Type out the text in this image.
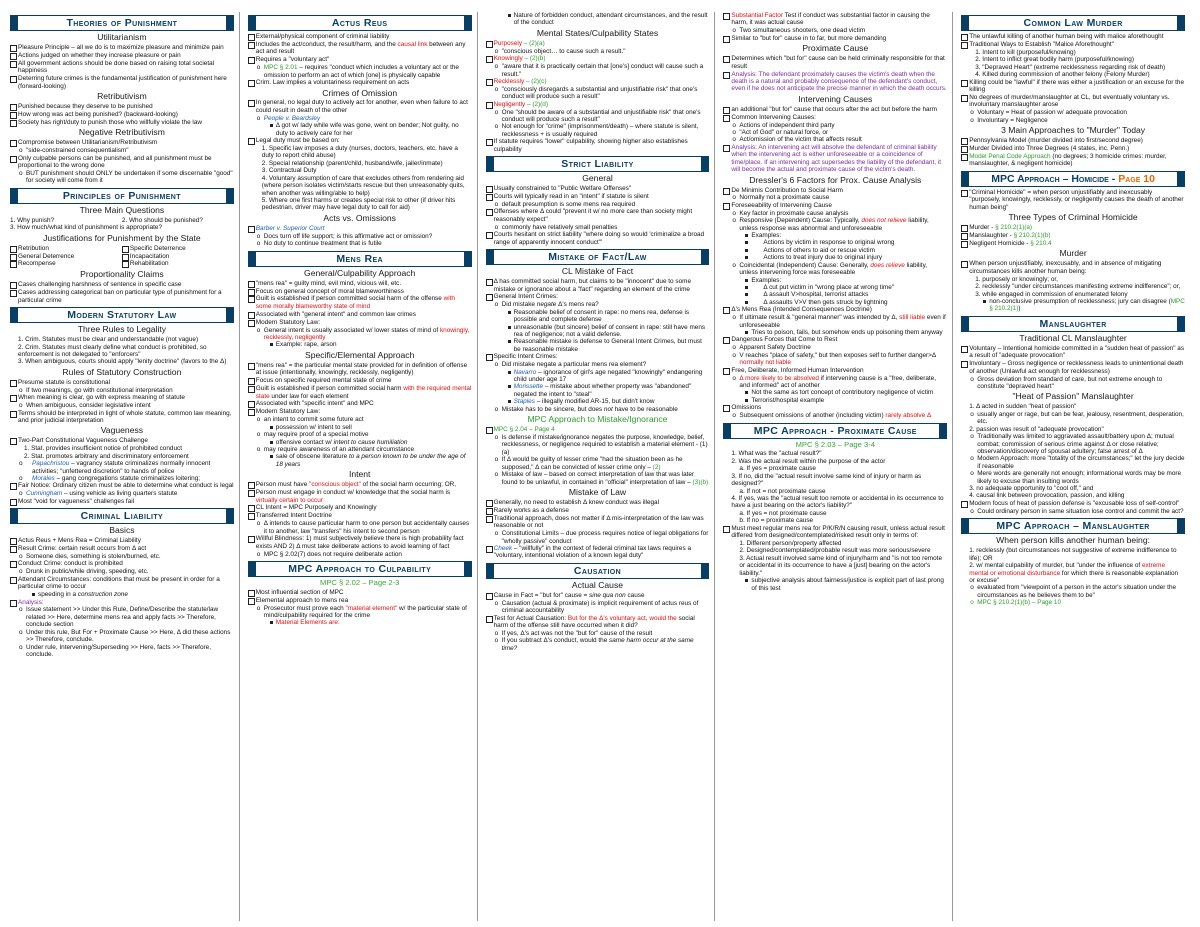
Theories of Punishment
Utilitarianism
Pleasure Principle – all we do is to maximize pleasure and minimize pain
Actions judged on whether they increase pleasure or pain
All government actions should be done based on raising total societal happiness
Deterring future crimes is the fundamental justification of punishment here (forward-looking)
Retributivism
Punished because they deserve to be punished
How wrong was act being punished? (backward-looking)
Society has right/duty to punish those who willfully violate the law
Negative Retributivism
Compromise between Utilitarianism/Retributivism
o "side-constrained consequentialism"
Only culpable persons can be punished, and all punishment must be proportional to the wrong done
o BUT punishment should ONLY be undertaken if some discernable "good" for society will come from it
Principles of Punishment
Three Main Questions
1. Why punish?	2. Who should be punished?
3. How much/what kind of punishment is appropriate?
Justifications for Punishment by the State
Retribution	Specific Deterrence
General Deterrence	Incapacitation
Recompense	Rehabilitation
Proportionality Claims
Cases challenging harshness of sentence in specific case
Cases addressing categorical ban on particular type of punishment for a particular crime
Modern Statutory Law
Three Rules to Legality
1. Crim. Statutes must be clear and understandable (not vague)
2. Crim. Statutes must clearly define what conduct is prohibited, so enforcement is not delegated to "enforcers"
3. When ambiguous, courts should apply "lenity doctrine" (favors to the Δ)
Rules of Statutory Construction
Presume statute is constitutional
o If two meanings, go with constitutional interpretation
When meaning is clear, go with express meaning of statute
o When ambiguous, consider legislative intent
Terms should be interpreted in light of whole statute, common law meaning, and prior judicial interpretation
Vagueness
Two-Part Constitutional Vagueness Challenge
1. Stat. provides insufficient notice of prohibited conduct
2. Stat. promotes arbitrary and discriminatory enforcement
o Papachristou – vagrancy statute criminalizes normally innocent activities; "unfettered discretion" to hands of police
o Morales – gang congregations statute criminalizes loitering;
Fair Notice: Ordinary citizen must be able to determine what conduct is legal
o Cunningham – using vehicle as living quarters statute
Most "void for vagueness" challenges fail
Criminal Liability
Basics
Actus Reus + Mens Rea = Criminal Liability
Result Crime: certain result occurs from Δ act
o Someone dies, something is stolen/burned, etc.
Conduct Crime: conduct is prohibited
o Drunk in public/while driving, speeding, etc.
Attendant Circumstances: conditions that must be present in order for a particular crime to occur
speeding in a construction zone
Analysis:
o Issue statement >> Under this Rule, Define/Describe the statute/law related >> Here, determine mens rea and apply facts >> Therefore, conclude section
o Under this rule, But For + Proximate Cause >> Here, Δ did these actions >> Therefore, conclude.
o Under rule, Intervening/Superseding >> Here, facts >> Therefore, conclude.
Actus Reus
External/physical component of criminal liability
Includes the act/conduct, the result/harm, and the causal link between any act and result
Requires a "voluntary act"
o MPC § 2.01 – requires "conduct which includes a voluntary act or the omission to perform an act of which [one] is physically capable
Crim. Law implies a voluntariness requirement on acts
Crimes of Omission
In general, no legal duty to actively act for another, even when failure to act could result in death of the other
o People v. Beardsley
Δ got w/ lady while wife was gone, went on bender; Not guilty, no duty to actively care for her
Legal duty must be based on:
1. Specific law imposes a duty (nurses, doctors, teachers, etc. have a duty to report child abuse)
2. Special relationship (parent/child, husband/wife, jailer/inmate)
3. Contractual Duty
4. Voluntary assumption of care that excludes others from rendering aid (where person isolates victim/starts rescue but then unreasonably quits, when another was willing/able to help)
5. Where one first harms or creates special risk to other (if driver hits pedestrian, driver may have legal duty to call for aid)
Acts vs. Omissions
Barber v. Superior Court
o Docs turn off life support; is this affirmative act or omission?
o No duty to continue treatment that is futile
Mens Rea
General/Culpability Approach
"mens rea" = guilty mind, evil mind, vicious will, etc.
Focus on general concept of moral blameworthiness
Guilt is established if person committed social harm of the offense with some morally blameworthy state of mind
Associated with "general intent" and common law crimes
Modern Statutory Law:
o General intent is usually associated w/ lower states of mind of knowingly, recklessly, negligently
Example: rape, arson
Specific/Elemental Approach
"mens rea" = the particular mental state provided for in definition of offense at issue (intentionally, knowingly, recklessly, negligently)
Focus on specific required mental state of crime
Guilt is established if person committed social harm with the required mental state under law for each element
Associated with "specific intent" and MPC
Modern Statutory Law:
o an intent to commit some future act
possession w/ intent to sell
o may require proof of a special motive
offensive contact w/ intent to cause humiliation
o may require awareness of an attendant circumstance
sale of obscene literature to a person known to be under the age of 18 years
Intent
Person must have "conscious object" of the social harm occurring; OR,
Person must engage in conduct w/ knowledge that the social harm is virtually certain to occur
CL Intent = MPC Purposely and Knowingly
Transferred Intent Doctrine
o Δ intends to cause particular harm to one person but accidentally causes it to another, law "transfers" his intent to second person
Willful Blindness: 1) must subjectively believe there is high probability fact exists AND 2) Δ must take deliberate actions to avoid learning of fact
o MPC § 2.02(7) does not require deliberate action
MPC Approach to Culpability
MPC § 2.02 – Page 2-3
Most influential section of MPC
Elemental approach to mens rea
o Prosecutor must prove each "material element" w/ the particular state of mind/culpability required for the crime
Material Elements are:
Nature of forbidden conduct, attendant circumstances, and the result of the conduct
Mental States/Culpability States
Purposely – (2)(a)
o "conscious object… to cause such a result."
Knowingly – (2)(b)
o "aware that it is practically certain that [one's] conduct will cause such a result."
Recklessly – (2)(c)
o "consciously disregards a substantial and unjustifiable risk" that one's conduct will produce such a result"
Negligently – (2)(d)
o One "should be aware of a substantial and unjustifiable risk" that one's conduct will produce such a result"
o Not enough for "crime" (imprisonment/death) – where statute is silent, recklessness + is usually required
If statute requires "lower" culpability, showing higher also establishes culpability
Strict Liability
General
Usually constrained to "Public Welfare Offenses"
Courts will typically read in an "intent" if statute is silent
o default presumption is some mens rea required
Offenses where Δ could "prevent it w/ no more care than society might reasonably expect"
o commonly have relatively small penalties
Courts hesitant on strict liability "where doing so would 'criminalize a broad range of apparently innocent conduct'"
Mistake of Fact/Law
CL Mistake of Fact
Δ has committed social harm, but claims to be "innocent" due to some mistake or ignorance about a "fact" regarding an element of the crime
General Intent Crimes:
o Did mistake negate Δ's mens rea?
Reasonable belief of consent in rape: no mens rea, defense is possible and complete defense
unreasonable (but sincere) belief of consent in rape: still have mens rea of negligence; not a valid defense.
Reasonable mistake is defense to General Intent Crimes, but must be reasonable mistake
Specific Intent Crimes:
o Did mistake negate a particular mens rea element?
Navarro – ignorance of girl's age negated "knowingly" endangering child under age 17
Morissette – mistake about whether property was "abandoned" negated the intent to "steal"
Staples – illegally modified AR-15, but didn't know
o Mistake has to be sincere, but does not have to be reasonable
MPC Approach to Mistake/Ignorance
MPC § 2.04 – Page 4
o Is defense if mistake/ignorance negates the purpose, knowledge, belief, recklessness, or negligence required to establish a material element - (1)(a)
o If Δ would be guilty of lesser crime "had the situation been as he supposed," Δ can be convicted of lesser crime only – (2)
o Mistake of law – based on correct interpretation of law that was later found to be unlawful, in contained in "official" interpretation of law – (3)(b)
Mistake of Law
Generally, no need to establish Δ knew conduct was illegal
Rarely works as a defense
Traditional approach, does not matter if Δ mis-interpretation of the law was reasonable or not
o Constitutional Limits – due process requires notice of legal obligations for "wholly passive" conduct
Cheek – "willfully" in the context of federal criminal tax laws requires a "voluntary, intentional violation of a known legal duty"
Causation
Actual Cause
Cause in Fact = "but for" cause = sine qua non cause
o Causation (actual & proximate) is implicit requirement of actus reus of criminal accountability
Test for Actual Causation: But for the Δ's voluntary act, would the social harm of the offense still have occurred when it did?
o If yes, Δ's act was not the "but for" cause of the result
o If you subtract Δ's conduct, would the same harm occur at the same time?
Substantial Factor Test if conduct was substantial factor in causing the harm, it was actual cause
o Two simultaneous shooters, one dead victim
Similar to "but for" cause in to far, but more demanding
Proximate Cause
Determines which "but for" cause can be held criminally responsible for that result
Analysis: The defendant proximately causes the victim's death when the death is a natural and probably consequence of the defendant's conduct, even if he does not anticipate the precise manner in which the death occurs.
Intervening Causes
an additional "but for" cause that occurs after the act but before the harm
Common Intervening Causes:
o Actions of independent third party
o "Act of God" or natural force, or
o Act/omission of the victim that affects result
Analysis: An intervening act will absolve the defendant of criminal liability when the intervening act is either unforeseeable or a coincidence of time/place. If an intervening act supersedes the liability of the defendant, it will become the actual and proximate cause of the victim's death.
Dressler's 6 Factors for Prox. Cause Analysis
De Minimis Contribution to Social Harm
o Normally not a proximate cause
Foreseeability of Intervening Cause
o Key factor in proximate cause analysis
o Responsive (Dependent) Cause: Typically, does not relieve liability, unless response was abnormal and unforeseeable
Examples:
Actions by victim in response to original wrong
Actions of others to aid or rescue victim
Actions to treat injury due to original injury
o Coincidental (Independent) Cause: Generally, does relieve liability, unless intervening force was foreseeable
Examples:
Δ cut put victim in "wrong place at wrong time"
Δ assault V>hospital, terrorist attacks
Δ assaults V>V then gets struck by lightning
Δ's Mens Rea (Intended Consequences Doctrine)
o If ultimate result & "general manner" was intended by Δ, still liable even if unforeseeable
Tries to poison, fails, but somehow ends up poisoning them anyway
Dangerous Forces that Come to Rest
o Apparent Safety Doctrine
o V reaches "place of safety," but then exposes self to further danger>Δ normally not liable
Free, Deliberate, Informed Human Intervention
o Δ more likely to be absolved if intervening cause is a "free, deliberate, and informed" act of another
Not the same as tort concept of contributory negligence of victim
Terrorist/hospital example
Omissions
o Subsequent omissions of another (including victim) rarely absolve Δ
MPC Approach - Proximate Cause
MPC § 2.03 – Page 3-4
1. What was the "actual result?"
2. Was the actual result within the purpose of the actor
a. If yes = proximate cause
3. If no, did the "actual result involve same kind of injury or harm as designed?"
a. If not = not proximate cause
4. If yes, was the "actual result too remote or accidental in its occurrence to have a just bearing on the actor's liability?"
a. If yes = not proximate cause
b. If no = proximate cause
Must meet regular mens rea for P/K/R/N causing result, unless actual result differed from designed/contemplated/risked result only in terms of:
1. Different person/property affected
2. Designed/contemplated/probable result was more serious/severe
3. Actual result involved same kind of injury/harm and "is not too remote or accidental in its occurrence to have a [just] bearing on the actor's liability."
subjective analysis about fairness/justice is explicit part of last prong of this test
Common Law Murder
The unlawful killing of another human being with malice aforethought
Traditional Ways to Establish "Malice Aforethought"
1. Intent to kill (purposeful/knowing)
2. Intent to inflict great bodily harm (purposeful/knowing)
3. "Depraved Heart" (extreme recklessness regarding risk of death)
4. Killed during commission of another felony (Felony Murder)
Killing could be "lawful" if there was either a justification or an excuse for the killing
No degrees of murder/manslaughter at CL, but eventually voluntary vs. involuntary manslaughter arose
o Voluntary = Heat of passion w/ adequate provocation
o Involuntary = Negligence
3 Main Approaches to "Murder" Today
Pennsylvania Model (murder divided into first/second degree)
Murder Divided into Three Degrees (4 states, inc. Penn.)
Model Penal Code Approach (no degrees; 3 homicide crimes: murder, manslaughter, & negligent homicide)
MPC Approach – Homicide - Page 10
"Criminal Homicide" = when person unjustifiably and inexcusably "purposely, knowingly, recklessly, or negligently causes the death of another human being"
Three Types of Criminal Homicide
Murder - § 210.2(1)(a)
Manslaughter - § 210.2(1)(b)
Negligent Homicide - § 210.4
Murder
When person unjustifiably, inexcusably, and in absence of mitigating circumstances kills another human being:
1. purposely or knowingly; or,
2. recklessly "under circumstances manifesting extreme indifference"; or,
3. while engaged in commission of enumerated felony
non-conclusive presumption of recklessness; jury can disagree (MPC § 210.2(1))
Manslaughter
Traditional CL Manslaughter
Voluntary – Intentional homicide committed in a "sudden heat of passion" as a result of "adequate provocation"
Involuntary – Gross negligence or recklessness leads to unintentional death of another (Unlawful act enough for recklessness)
o Gross deviation from standard of care, but not extreme enough to constitute "depraved heart"
"Heat of Passion" Manslaughter
1. Δ acted in sudden "heat of passion"
o usually anger or rage, but can be fear, jealousy, resentment, desperation, etc.
2. passion was result of "adequate provocation"
o Traditionally was limited to aggravated assault/battery upon Δ; mutual combat; commission of serious crime against Δ or close relative; observation/discovery of spousal adultery; false arrest of Δ
o Modern Approach: more "totality of the circumstances;" let the jury decide if reasonable
o Mere words are generally not enough; informational words may be more likely to excuse than insulting words
3. no adequate opportunity to "cool off," and
4. causal link between provocation, passion, and killing
Modern focus of heat of passion defense is "excusable loss of self-control"
o Could ordinary person in same situation lose control and commit the act?
MPC Approach – Manslaughter
When person kills another human being:
1. recklessly (but circumstances not suggestive of extreme indifference to life); OR
2. w/ mental culpability of murder, but "under the influence of extreme mental or emotional disturbance for which there is reasonable explanation or excuse"
o evaluated from "viewpoint of a person in the actor's situation under the circumstances as he believes them to be"
o MPC § 210.2(1)(b) – Page 10
